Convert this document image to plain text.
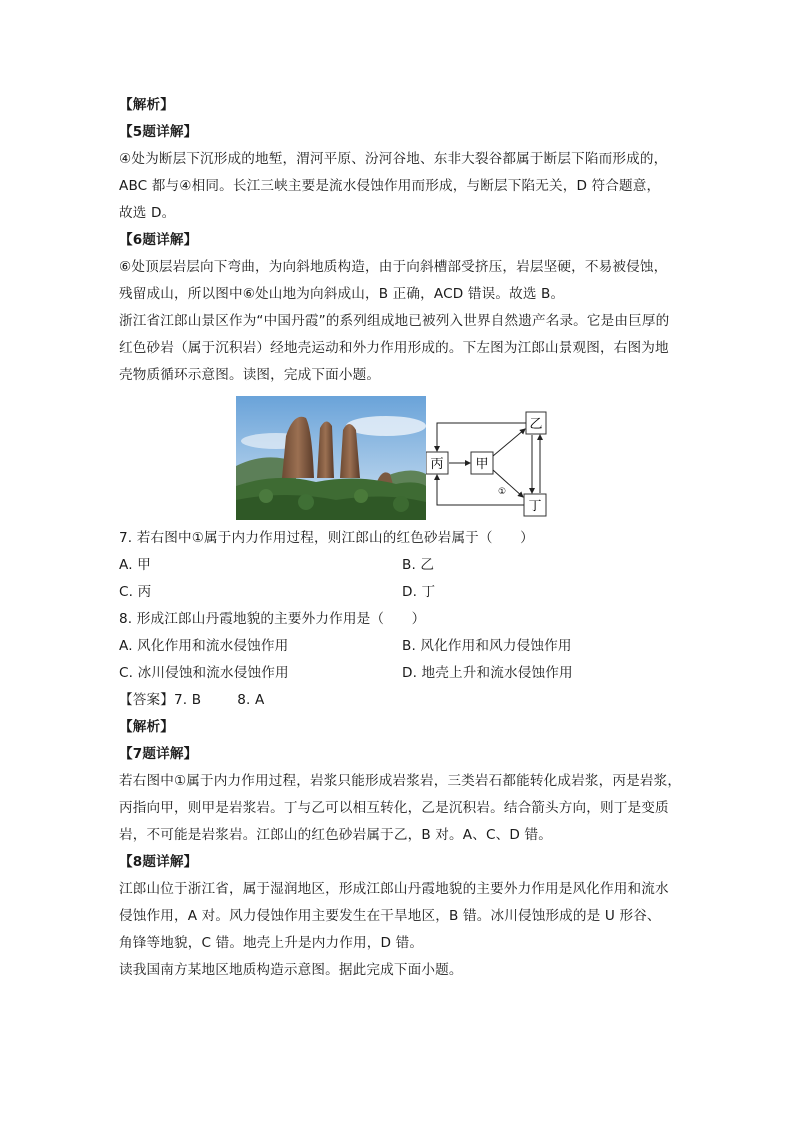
【解析】
【5题详解】
④处为断层下沉形成的地堑，渭河平原、汾河谷地、东非大裂谷都属于断层下陷而形成的，
ABC 都与④相同。长江三峡主要是流水侵蚀作用而形成，与断层下陷无关，D 符合题意，
故选 D。
【6题详解】
⑥处顶层岩层向下弯曲，为向斜地质构造，由于向斜槽部受挤压，岩层坚硬，不易被侵蚀，
残留成山，所以图中⑥处山地为向斜成山，B 正确，ACD 错误。故选 B。
浙江省江郎山景区作为“中国丹霞”的系列组成地已被列入世界自然遗产名录。它是由巨厚的
红色砂岩（属于沉积岩）经地壳运动和外力作用形成的。下左图为江郎山景观图，右图为地
壳物质循环示意图。读图，完成下面小题。
乙
丙 甲
丁
①
7. 若右图中①属于内力作用过程，则江郎山的红色砂岩属于（　　）
A. 甲	B. 乙
C. 丙	D. 丁
8. 形成江郎山丹霞地貌的主要外力作用是（　　）
A. 风化作用和流水侵蚀作用	B. 风化作用和风力侵蚀作用
C. 冰川侵蚀和流水侵蚀作用	D. 地壳上升和流水侵蚀作用
【答案】7. B	8. A
【解析】
【7题详解】
若右图中①属于内力作用过程，岩浆只能形成岩浆岩，三类岩石都能转化成岩浆，丙是岩浆，
丙指向甲，则甲是岩浆岩。丁与乙可以相互转化，乙是沉积岩。结合箭头方向，则丁是变质
岩，不可能是岩浆岩。江郎山的红色砂岩属于乙，B 对。A、C、D 错。
【8题详解】
江郎山位于浙江省，属于湿润地区，形成江郎山丹霞地貌的主要外力作用是风化作用和流水
侵蚀作用，A 对。风力侵蚀作用主要发生在干旱地区，B 错。冰川侵蚀形成的是 U 形谷、
角锋等地貌，C 错。地壳上升是内力作用，D 错。
读我国南方某地区地质构造示意图。据此完成下面小题。
